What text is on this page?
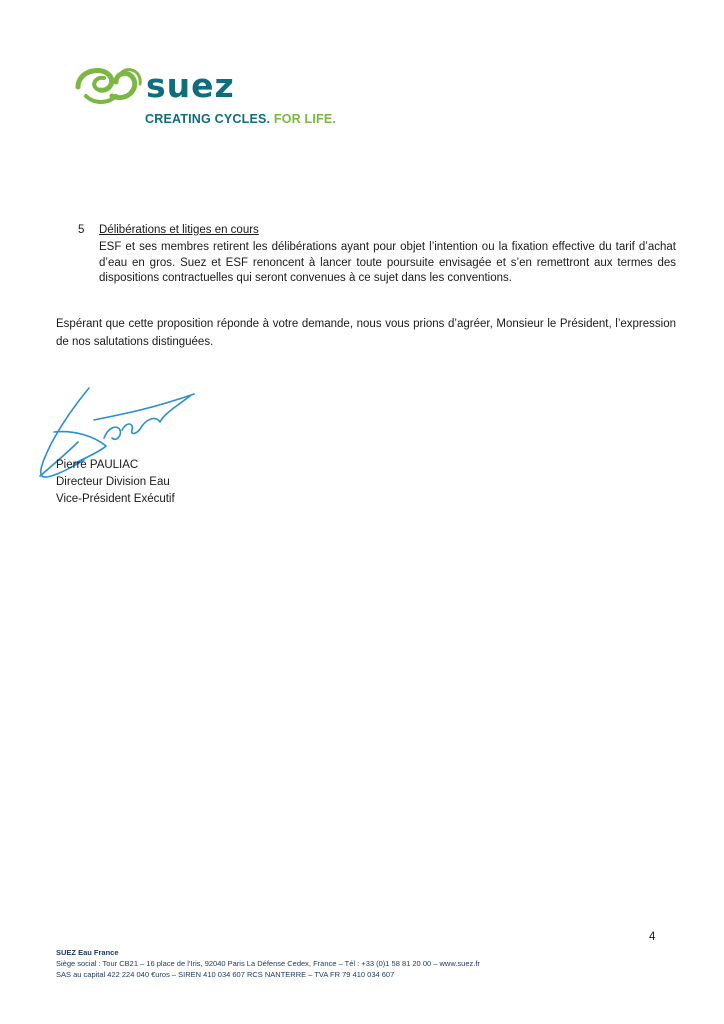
suez
CREATING CYCLES. FOR LIFE.
5 Délibérations et litiges en cours
ESF et ses membres retirent les délibérations ayant pour objet l’intention ou la fixation effective du tarif d’achat d’eau en gros. Suez et ESF renoncent à lancer toute poursuite envisagée et s’en remettront aux termes des dispositions contractuelles qui seront convenues à ce sujet dans les conventions.
Espérant que cette proposition réponde à votre demande, nous vous prions d’agréer, Monsieur le Président, l’expression de nos salutations distinguées.
Pierre PAULIAC
Directeur Division Eau
Vice-Président Exécutif
4
SUEZ Eau France
Siège social : Tour CB21 – 16 place de l’Iris, 92040 Paris La Défense Cedex, France – Tél : +33 (0)1 58 81 20 00 – www.suez.fr
SAS au capital 422 224 040 €uros – SIREN 410 034 607 RCS NANTERRE – TVA FR 79 410 034 607
